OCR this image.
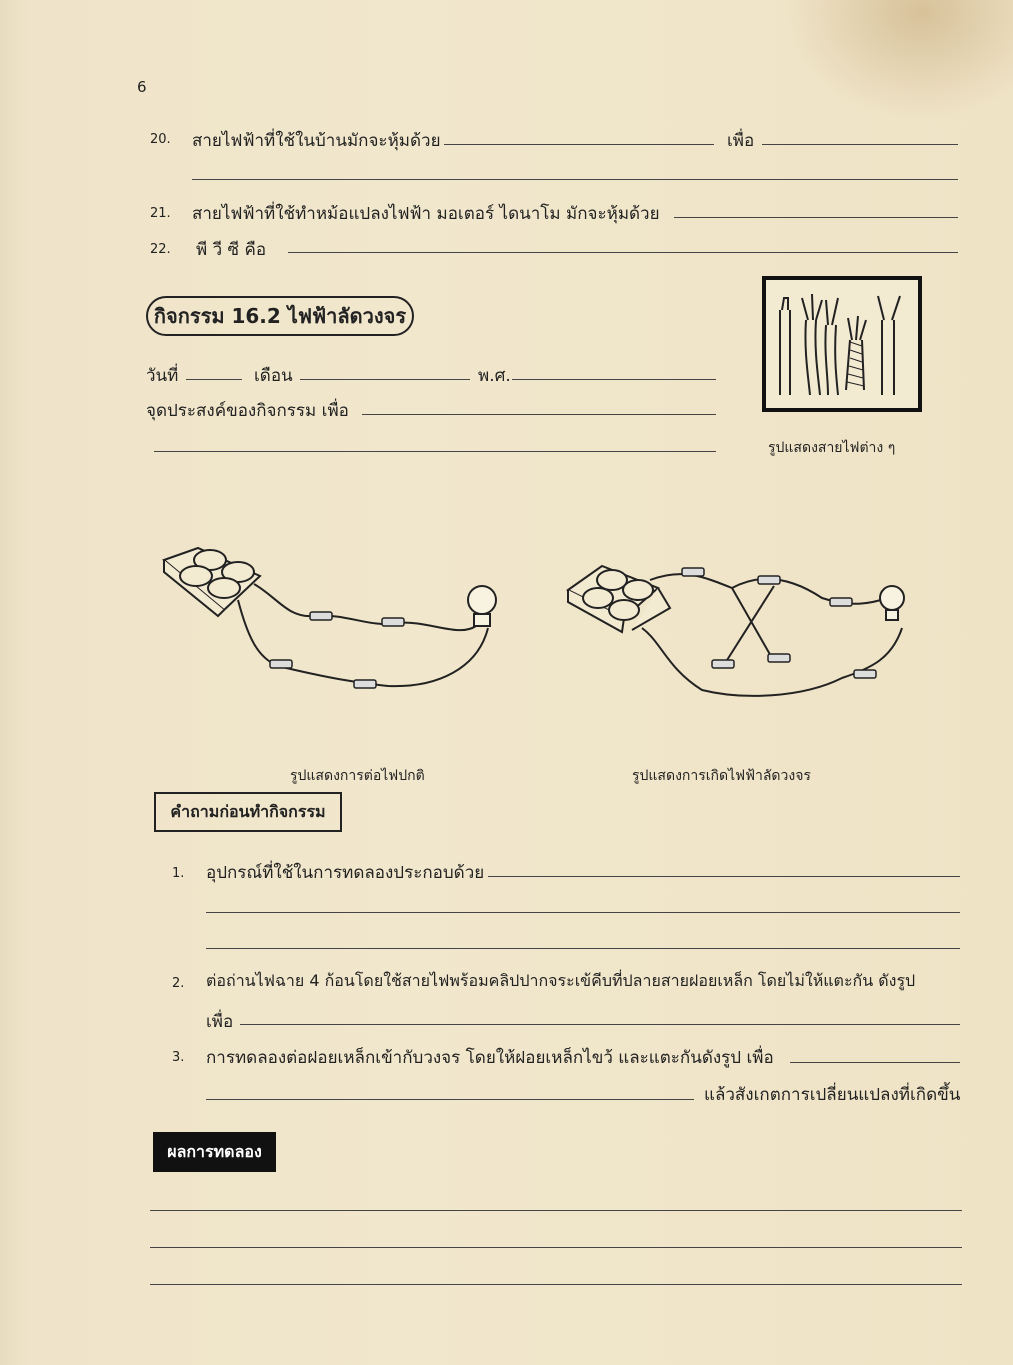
6
20. สายไฟฟ้าที่ใช้ในบ้านมักจะหุ้มด้วย	เพื่อ
21. สายไฟฟ้าที่ใช้ทำหม้อแปลงไฟฟ้า มอเตอร์ ไดนาโม มักจะหุ้มด้วย
22. พี วี ซี คือ
กิจกรรม 16.2 ไฟฟ้าลัดวงจร
วันที่	เดือน	พ.ศ.
จุดประสงค์ของกิจกรรม เพื่อ
รูปแสดงสายไฟต่าง ๆ
รูปแสดงการต่อไฟปกติ	รูปแสดงการเกิดไฟฟ้าลัดวงจร
คำถามก่อนทำกิจกรรม
1. อุปกรณ์ที่ใช้ในการทดลองประกอบด้วย
2. ต่อถ่านไฟฉาย 4 ก้อนโดยใช้สายไฟพร้อมคลิปปากจระเข้คีบที่ปลายสายฝอยเหล็ก โดยไม่ให้แตะกัน ดังรูป
เพื่อ
3. การทดลองต่อฝอยเหล็กเข้ากับวงจร โดยให้ฝอยเหล็กไขว้ และแตะกันดังรูป เพื่อ
แล้วสังเกตการเปลี่ยนแปลงที่เกิดขึ้น
ผลการทดลอง
